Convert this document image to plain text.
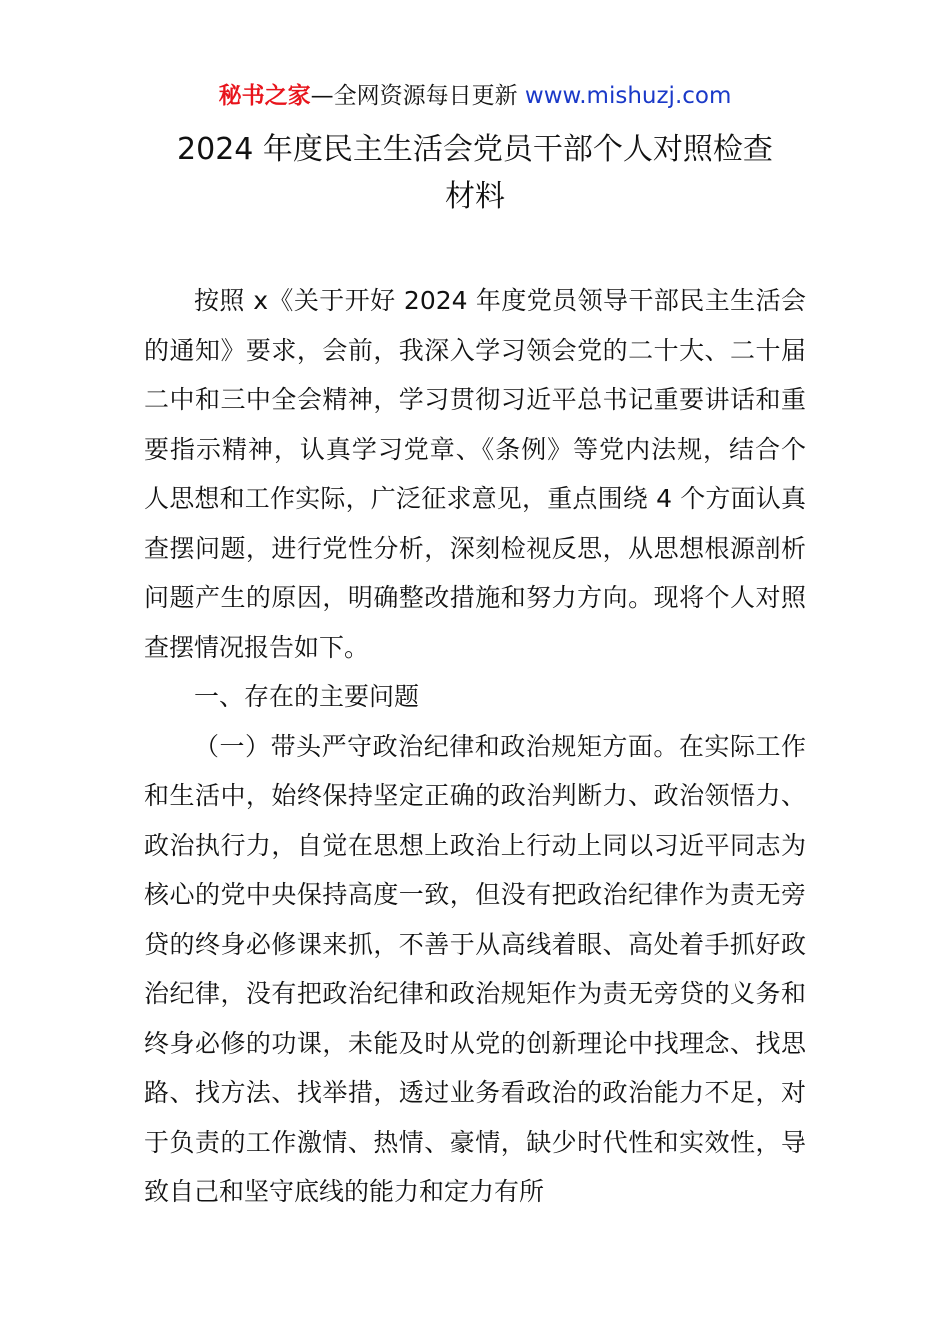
秘书之家—全网资源每日更新 www.mishuzj.com
2024 年度民主生活会党员干部个人对照检查
材料

按照 x《关于开好 2024 年度党员领导干部民主生活会的通知》要求，会前，我深入学习领会党的二十大、二十届二中和三中全会精神，学习贯彻习近平总书记重要讲话和重要指示精神，认真学习党章、《条例》等党内法规，结合个人思想和工作实际，广泛征求意见，重点围绕 4 个方面认真查摆问题，进行党性分析，深刻检视反思，从思想根源剖析问题产生的原因，明确整改措施和努力方向。现将个人对照查摆情况报告如下。

一、存在的主要问题

（一）带头严守政治纪律和政治规矩方面。在实际工作和生活中，始终保持坚定正确的政治判断力、政治领悟力、政治执行力，自觉在思想上政治上行动上同以习近平同志为核心的党中央保持高度一致，但没有把政治纪律作为责无旁贷的终身必修课来抓，不善于从高线着眼、高处着手抓好政治纪律，没有把政治纪律和政治规矩作为责无旁贷的义务和终身必修的功课，未能及时从党的创新理论中找理念、找思路、找方法、找举措，透过业务看政治的政治能力不足，对于负责的工作激情、热情、豪情，缺少时代性和实效性，导致自己和坚守底线的能力和定力有所
